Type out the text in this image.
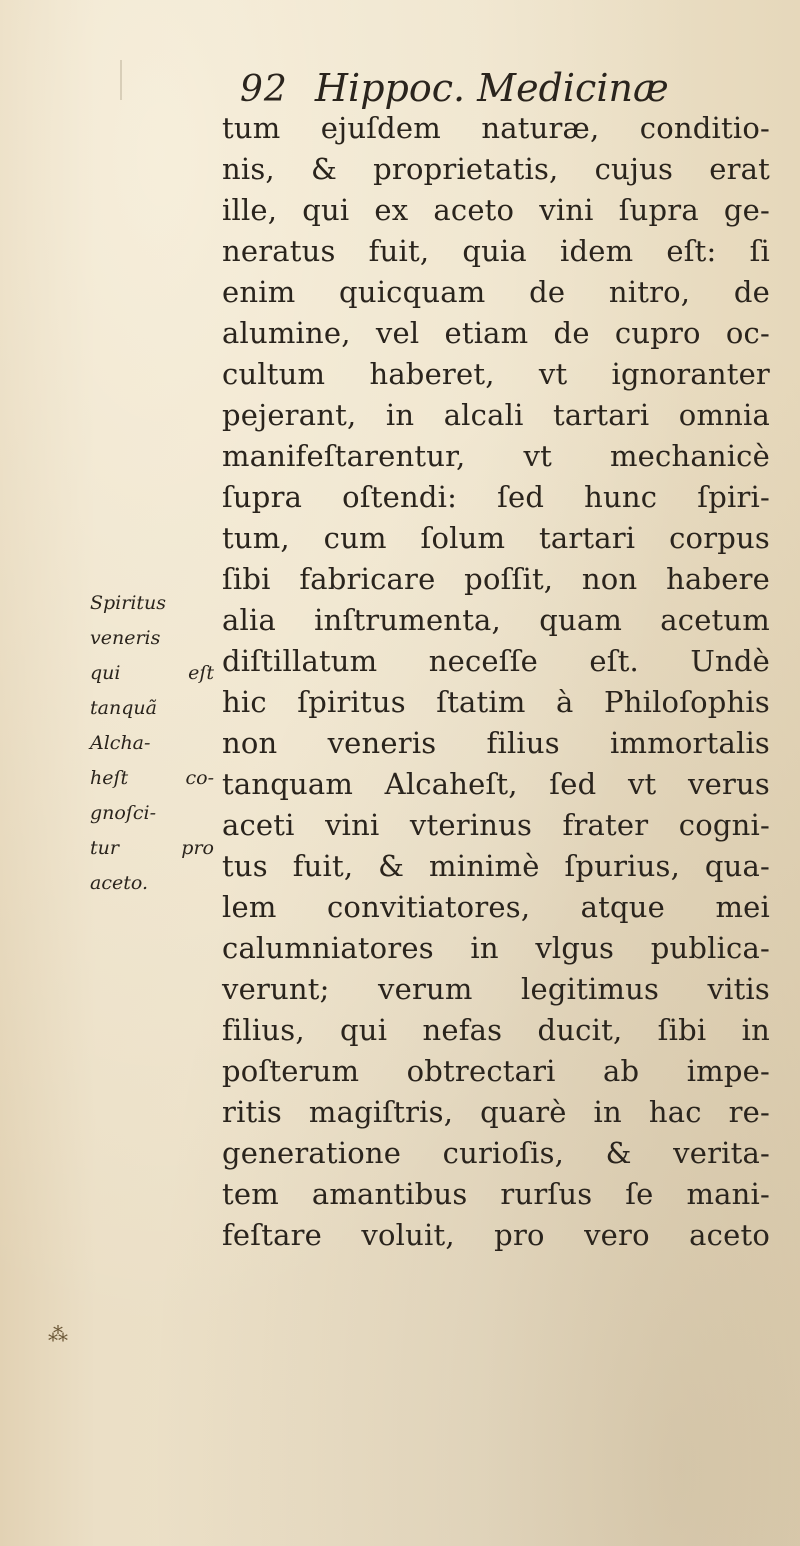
92 Hippoc. Medicinæ
Spiritus
veneris
qui eſt
tanquã
Alcha-
heſt co-
gnoſci-
tur pro
aceto.
tum ejuſdem naturæ, conditio-
nis, & proprietatis, cujus erat
ille, qui ex aceto vini ſupra ge-
neratus fuit, quia idem eſt: ſi
enim quicquam de nitro, de
alumine, vel etiam de cupro oc-
cultum haberet, vt ignoranter
pejerant, in alcali tartari omnia
manifeſtarentur, vt mechanicè
ſupra oſtendi: ſed hunc ſpiri-
tum, cum ſolum tartari corpus
ſibi fabricare poſſit, non habere
alia inſtrumenta, quam acetum
diſtillatum neceſſe eſt. Undè
hic ſpiritus ſtatim à Philoſophis
non veneris filius immortalis
tanquam Alcaheſt, ſed vt verus
aceti vini vterinus frater cogni-
tus fuit, & minimè ſpurius, qua-
lem convitiatores, atque mei
calumniatores in vlgus publica-
verunt; verum legitimus vitis
filius, qui nefas ducit, ſibi in
poſterum obtrectari ab impe-
ritis magiſtris, quarè in hac re-
generatione curioſis, & verita-
tem amantibus rurſus ſe mani-
feſtare voluit, pro vero aceto
⁂
